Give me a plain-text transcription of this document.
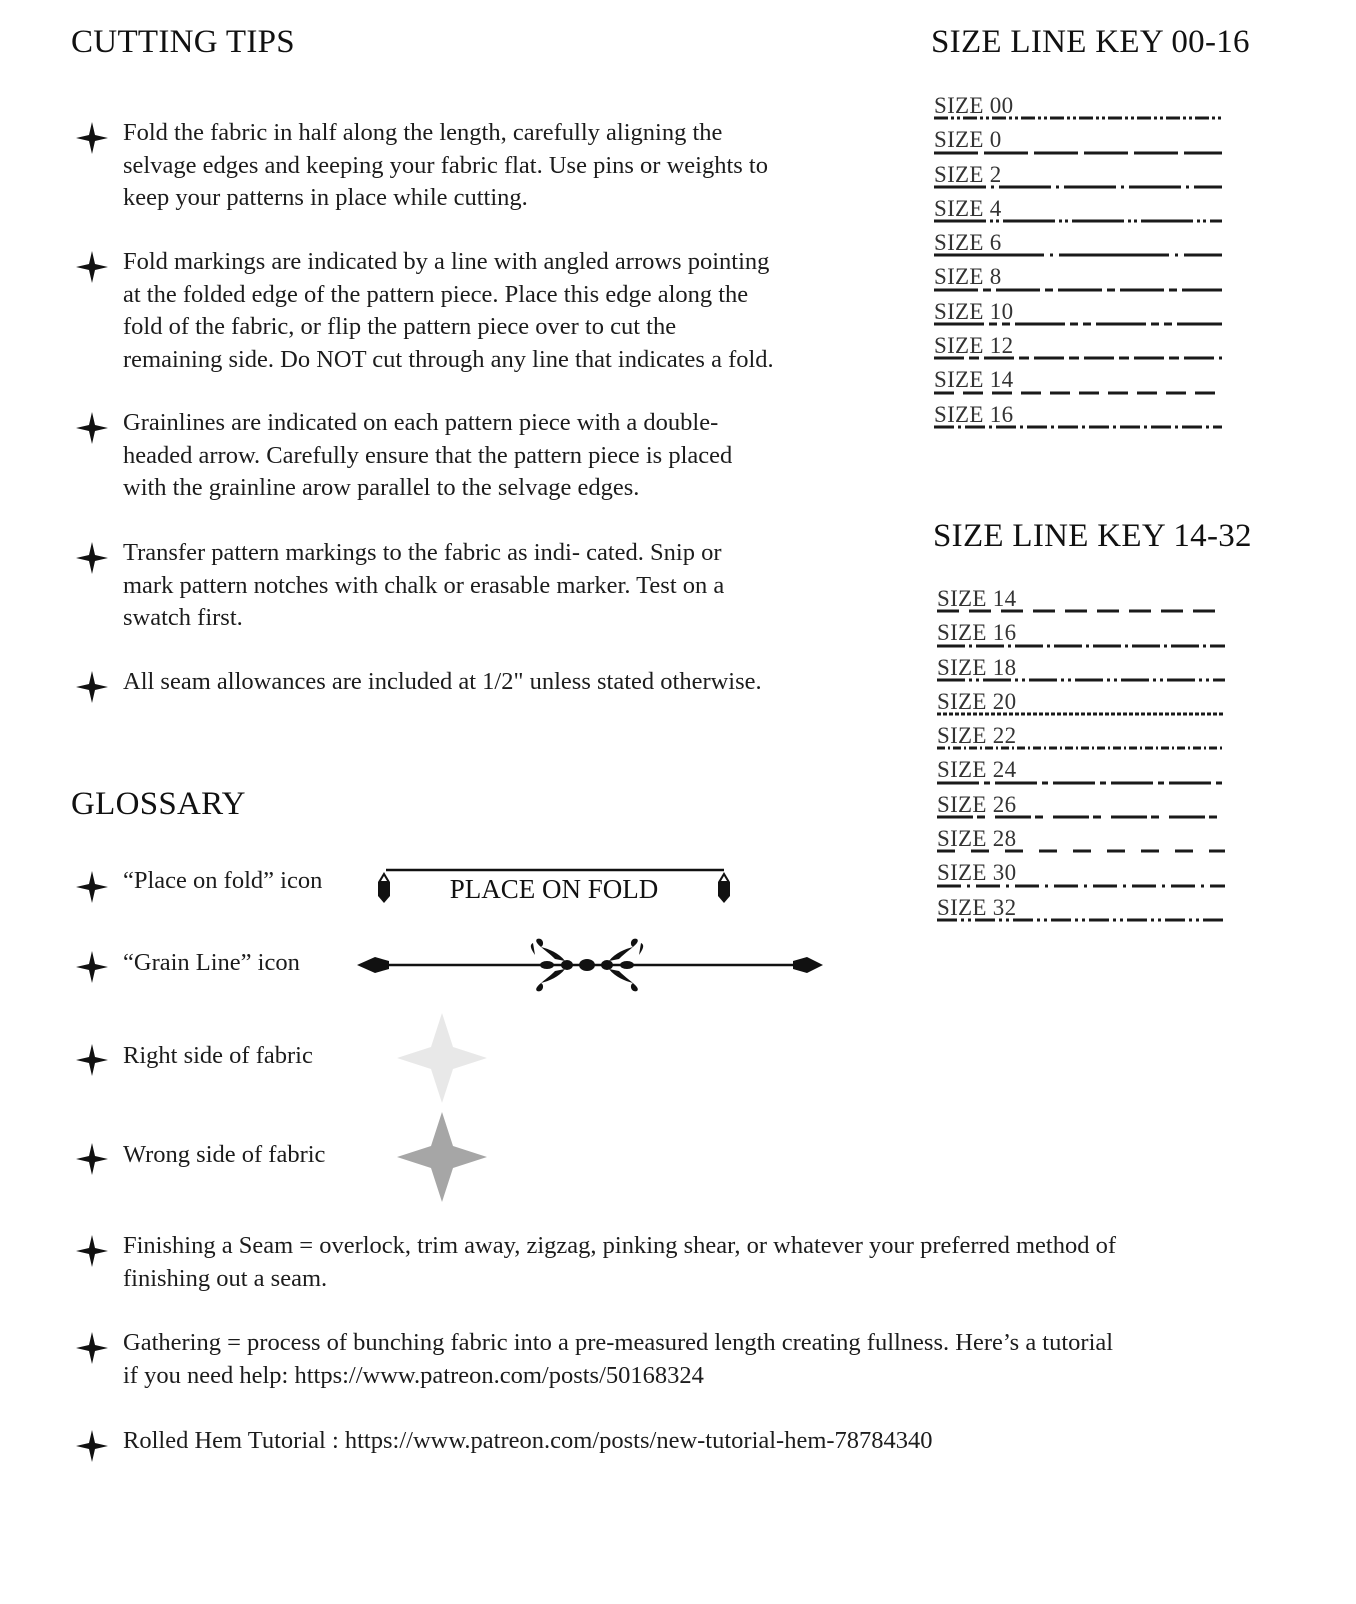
CUTTING TIPS	SIZE LINE KEY 00-16
SIZE LINE KEY 14-32
GLOSSARY
Fold the fabric in half along the length, carefully aligning the
selvage edges and keeping your fabric flat. Use pins or weights to
keep your patterns in place while cutting.
Fold markings are indicated by a line with angled arrows pointing
at the folded edge of the pattern piece. Place this edge along the
fold of the fabric, or flip the pattern piece over to cut the
remaining side. Do NOT cut through any line that indicates a fold.
Grainlines are indicated on each pattern piece with a double-
headed arrow. Carefully ensure that the pattern piece is placed
with the grainline arow parallel to the selvage edges.
Transfer pattern markings to the fabric as indi- cated. Snip or
mark pattern notches with chalk or erasable marker. Test on a
swatch first.
All seam allowances are included at 1/2" unless stated otherwise.
SIZE 00
SIZE 0
SIZE 2
SIZE 4
SIZE 6
SIZE 8
SIZE 10
SIZE 12
SIZE 14
SIZE 16
SIZE 14
SIZE 16
SIZE 18
SIZE 20
SIZE 22
SIZE 24
SIZE 26
SIZE 28
SIZE 30
SIZE 32
“Place on fold” icon	PLACE ON FOLD
“Grain Line” icon
Right side of fabric
Wrong side of fabric
Finishing a Seam = overlock, trim away, zigzag, pinking shear, or whatever your preferred method of
finishing out a seam.
Gathering = process of bunching fabric into a pre-measured length creating fullness. Here’s a tutorial
if you need help: https://www.patreon.com/posts/50168324
Rolled Hem Tutorial : https://www.patreon.com/posts/new-tutorial-hem-78784340
